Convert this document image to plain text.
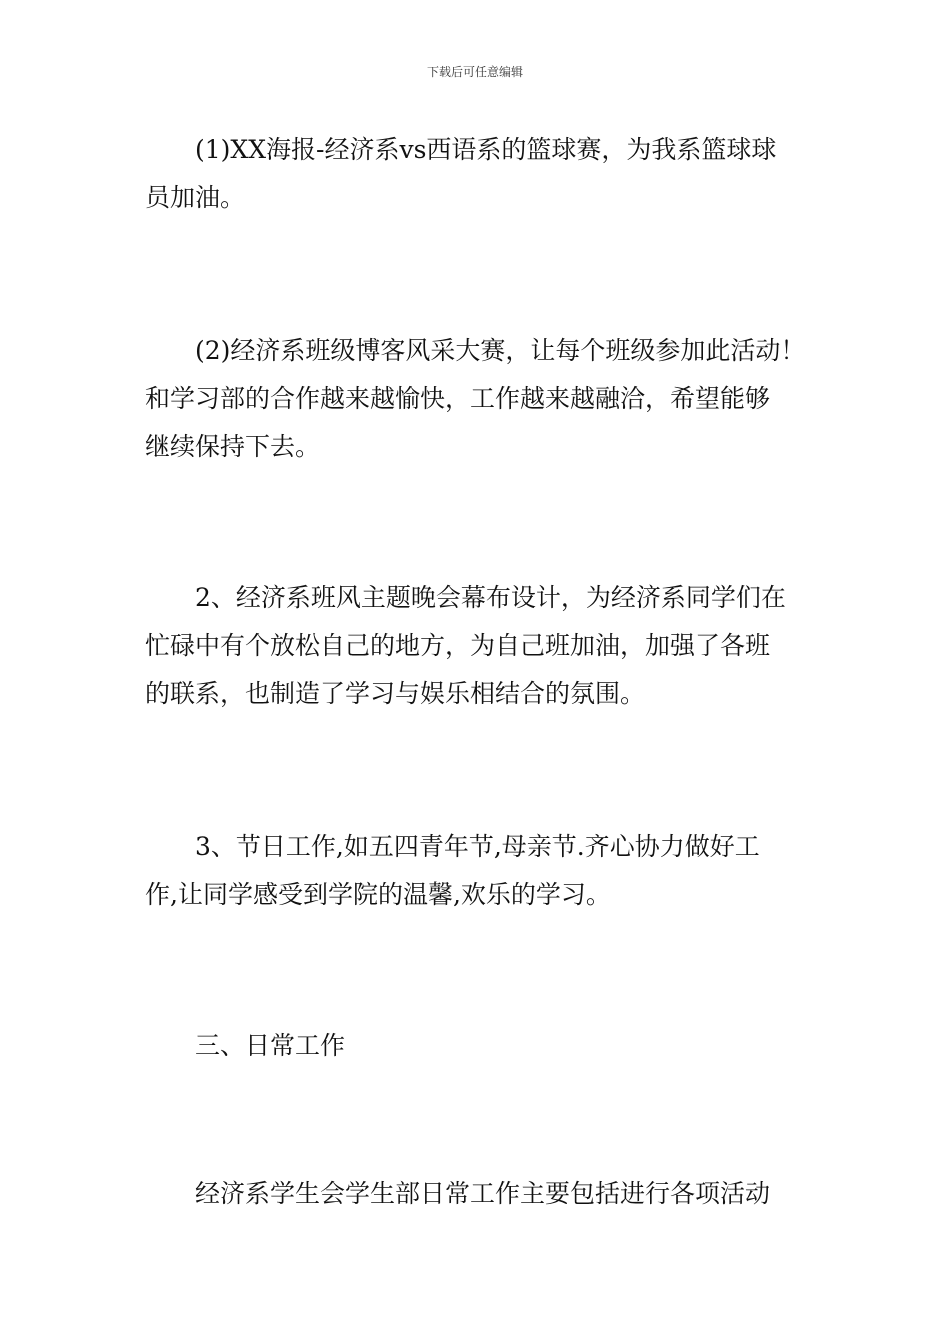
下载后可任意编辑
(1)XX海报-经济系vs西语系的篮球赛，为我系篮球球
员加油。
(2)经济系班级博客风采大赛，让每个班级参加此活动！
和学习部的合作越来越愉快，工作越来越融洽，希望能够
继续保持下去。
2、经济系班风主题晚会幕布设计，为经济系同学们在
忙碌中有个放松自己的地方，为自己班加油，加强了各班
的联系，也制造了学习与娱乐相结合的氛围。
3、节日工作,如五四青年节,母亲节.齐心协力做好工
作,让同学感受到学院的温馨,欢乐的学习。
三、日常工作
经济系学生会学生部日常工作主要包括进行各项活动
